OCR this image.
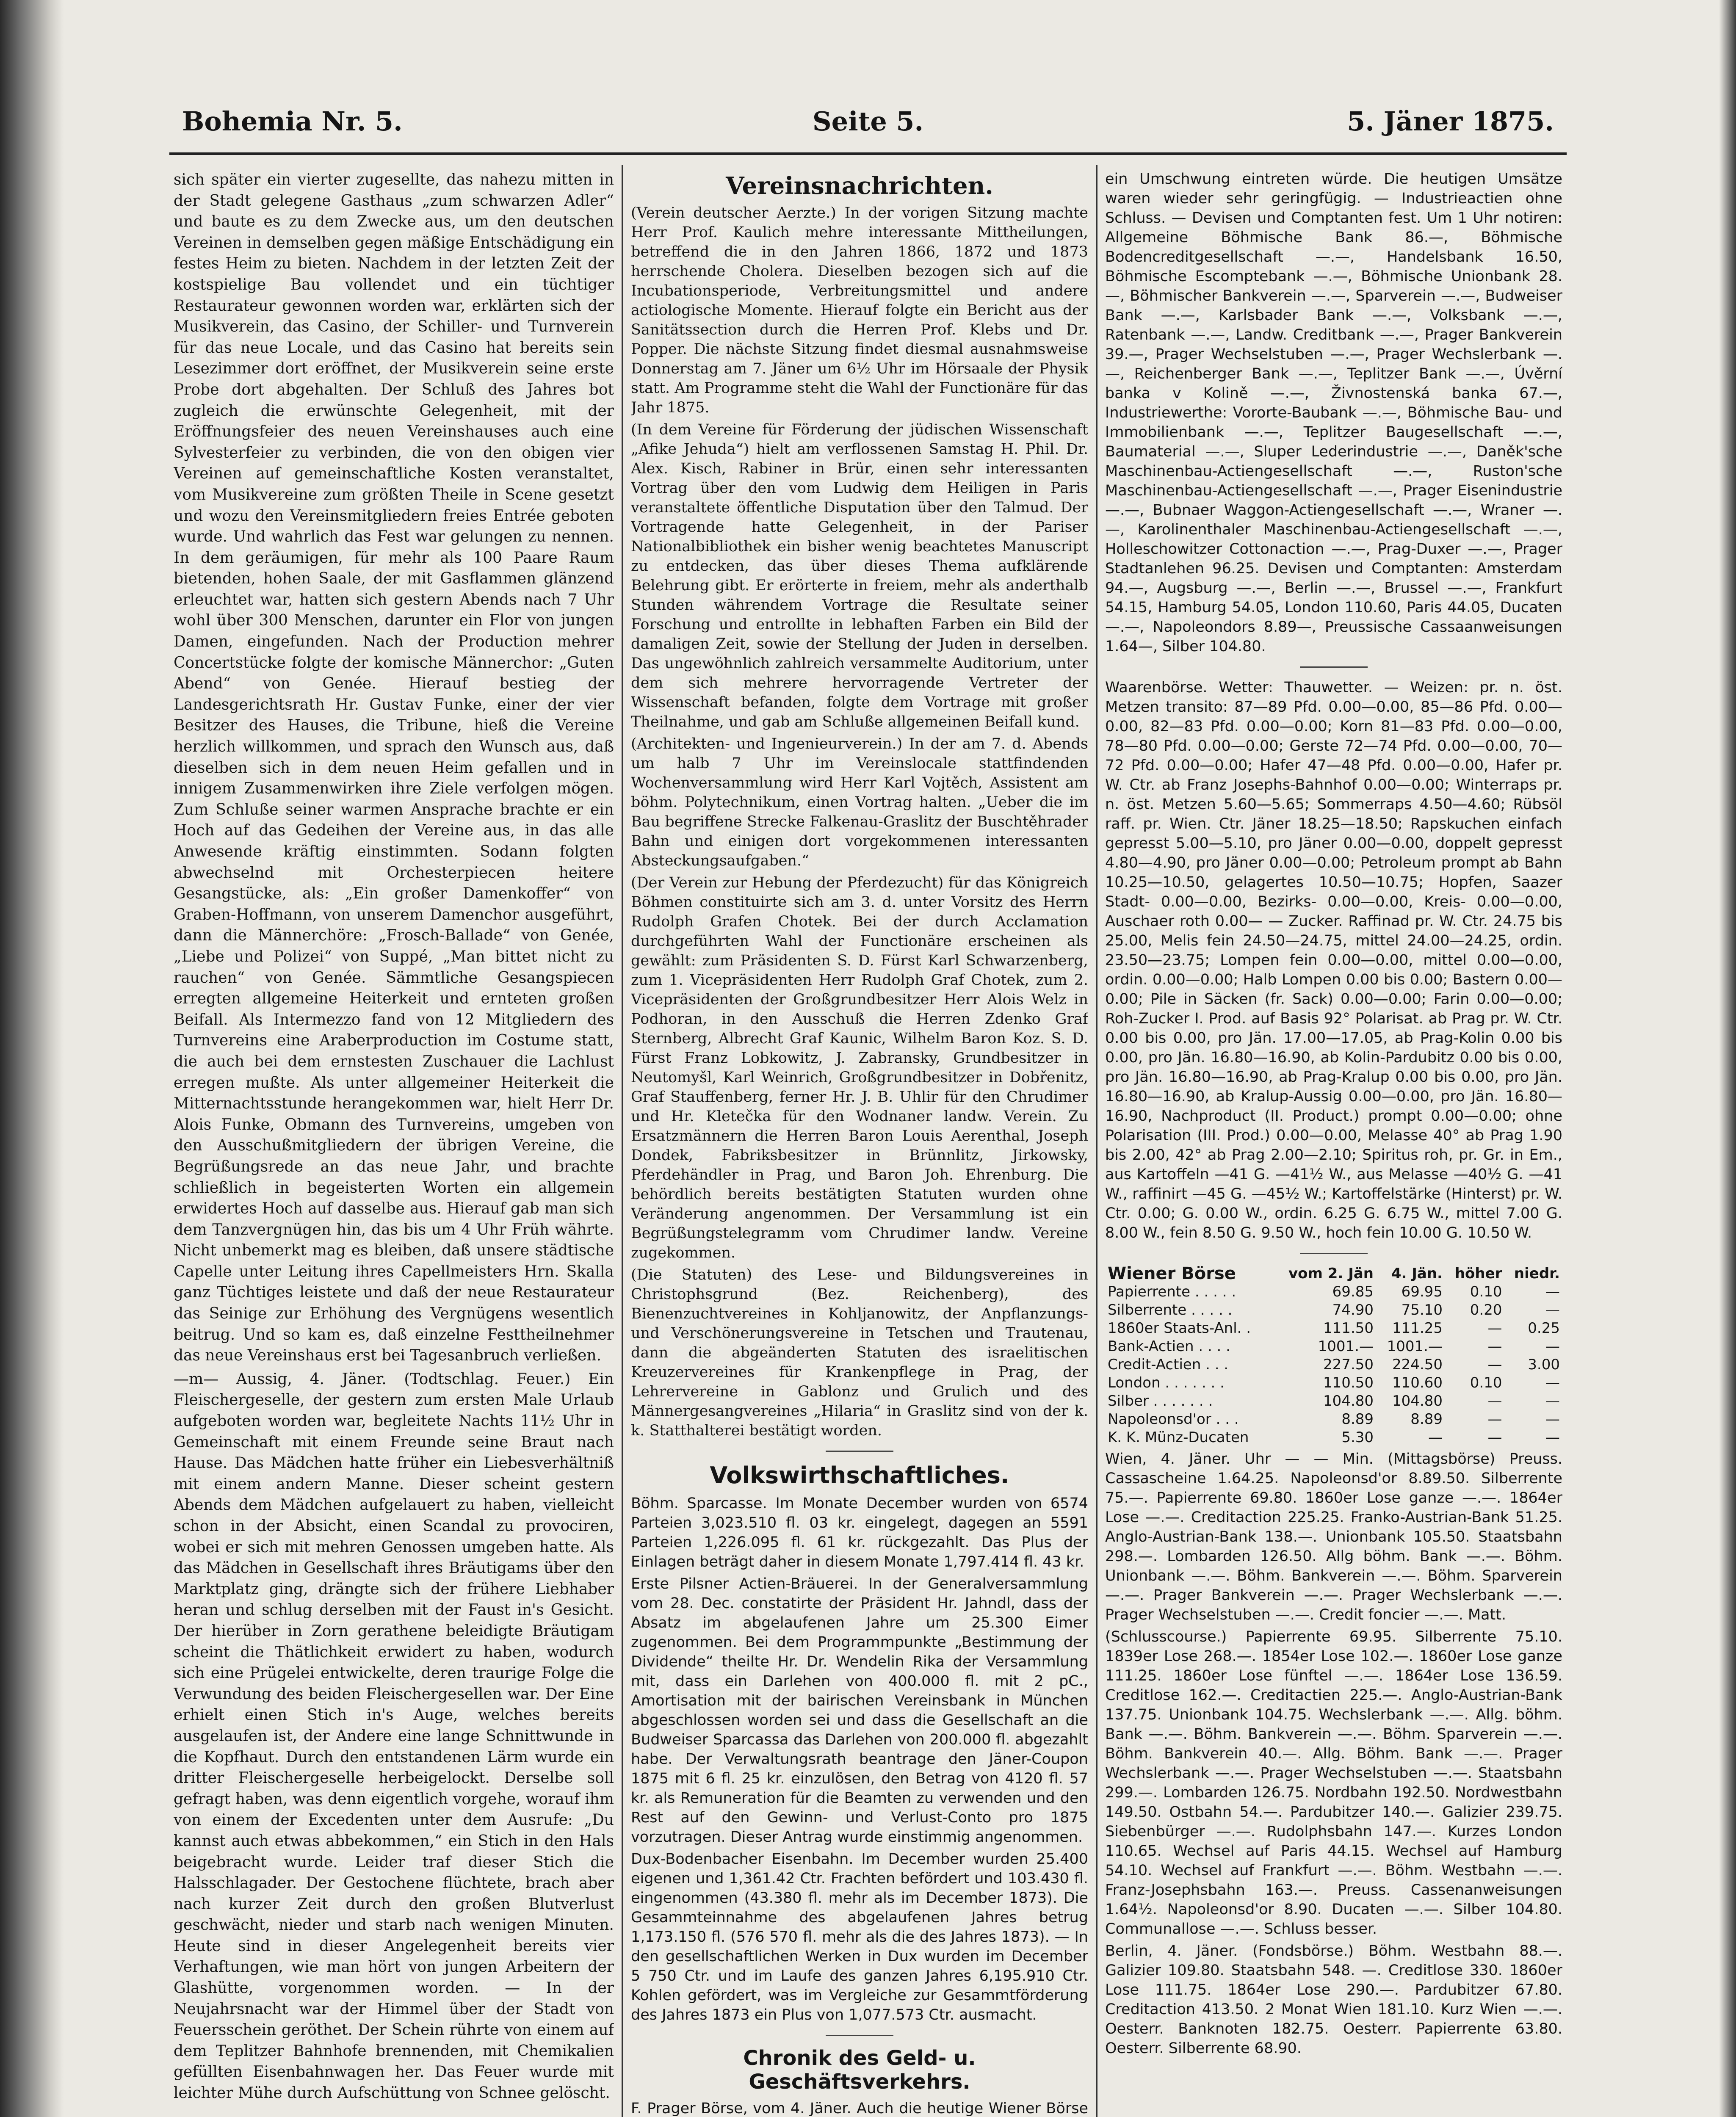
Bohemia Nr. 5.	Seite 5.	5. Jäner 1875.

sich später ein vierter zugesellte, das nahezu mitten in der Stadt gelegene Gasthaus „zum schwarzen Adler“ und baute es zu dem Zwecke aus, um den deutschen Vereinen in demselben gegen mäßige Entschädigung ein festes Heim zu bieten. Nachdem in der letzten Zeit der kostspielige Bau vollendet und ein tüchtiger Restaurateur gewonnen worden war, erklärten sich der Musikverein, das Casino, der Schiller- und Turnverein für das neue Locale, und das Casino hat bereits sein Lesezimmer dort eröffnet, der Musikverein seine erste Probe dort abgehalten. Der Schluß des Jahres bot zugleich die erwünschte Gelegenheit, mit der Eröffnungsfeier des neuen Vereinshauses auch eine Sylvesterfeier zu verbinden, die von den obigen vier Vereinen auf gemeinschaftliche Kosten veranstaltet, vom Musikvereine zum größten Theile in Scene gesetzt und wozu den Vereinsmitgliedern freies Entrée geboten wurde. Und wahrlich das Fest war gelungen zu nennen. In dem geräumigen, für mehr als 100 Paare Raum bietenden, hohen Saale, der mit Gasflammen glänzend erleuchtet war, hatten sich gestern Abends nach 7 Uhr wohl über 300 Menschen, darunter ein Flor von jungen Damen, eingefunden. Nach der Production mehrer Concertstücke folgte der komische Männerchor: „Guten Abend“ von Genée. Hierauf bestieg der Landesgerichtsrath Hr. Gustav Funke, einer der vier Besitzer des Hauses, die Tribune, hieß die Vereine herzlich willkommen, und sprach den Wunsch aus, daß dieselben sich in dem neuen Heim gefallen und in innigem Zusammenwirken ihre Ziele verfolgen mögen. Zum Schluße seiner warmen Ansprache brachte er ein Hoch auf das Gedeihen der Vereine aus, in das alle Anwesende kräftig einstimmten. Sodann folgten abwechselnd mit Orchesterpiecen heitere Gesangstücke, als: „Ein großer Damenkoffer“ von Graben-Hoffmann, von unserem Damenchor ausgeführt, dann die Männerchöre: „Frosch-Ballade“ von Genée, „Liebe und Polizei“ von Suppé, „Man bittet nicht zu rauchen“ von Genée. Sämmtliche Gesangspiecen erregten allgemeine Heiterkeit und ernteten großen Beifall. Als Intermezzo fand von 12 Mitgliedern des Turnvereins eine Araberproduction im Costume statt, die auch bei dem ernstesten Zuschauer die Lachlust erregen mußte. Als unter allgemeiner Heiterkeit die Mitternachtsstunde herangekommen war, hielt Herr Dr. Alois Funke, Obmann des Turnvereins, umgeben von den Ausschußmitgliedern der übrigen Vereine, die Begrüßungsrede an das neue Jahr, und brachte schließlich in begeisterten Worten ein allgemein erwidertes Hoch auf dasselbe aus. Hierauf gab man sich dem Tanzvergnügen hin, das bis um 4 Uhr Früh währte. Nicht unbemerkt mag es bleiben, daß unsere städtische Capelle unter Leitung ihres Capellmeisters Hrn. Skalla ganz Tüchtiges leistete und daß der neue Restaurateur das Seinige zur Erhöhung des Vergnügens wesentlich beitrug. Und so kam es, daß einzelne Festtheilnehmer das neue Vereinshaus erst bei Tagesanbruch verließen.

—m— Aussig, 4. Jäner. (Todtschlag. Feuer.) Ein Fleischergeselle, der gestern zum ersten Male Urlaub aufgeboten worden war, begleitete Nachts 11½ Uhr in Gemeinschaft mit einem Freunde seine Braut nach Hause. Das Mädchen hatte früher ein Liebesverhältniß mit einem andern Manne. Dieser scheint gestern Abends dem Mädchen aufgelauert zu haben, vielleicht schon in der Absicht, einen Scandal zu provociren, wobei er sich mit mehren Genossen umgeben hatte. Als das Mädchen in Gesellschaft ihres Bräutigams über den Marktplatz ging, drängte sich der frühere Liebhaber heran und schlug derselben mit der Faust in's Gesicht. Der hierüber in Zorn gerathene beleidigte Bräutigam scheint die Thätlichkeit erwidert zu haben, wodurch sich eine Prügelei entwickelte, deren traurige Folge die Verwundung des beiden Fleischergesellen war. Der Eine erhielt einen Stich in's Auge, welches bereits ausgelaufen ist, der Andere eine lange Schnittwunde in die Kopfhaut. Durch den entstandenen Lärm wurde ein dritter Fleischergeselle herbeigelockt. Derselbe soll gefragt haben, was denn eigentlich vorgehe, worauf ihm von einem der Excedenten unter dem Ausrufe: „Du kannst auch etwas abbekommen,“ ein Stich in den Hals beigebracht wurde. Leider traf dieser Stich die Halsschlagader. Der Gestochene flüchtete, brach aber nach kurzer Zeit durch den großen Blutverlust geschwächt, nieder und starb nach wenigen Minuten. Heute sind in dieser Angelegenheit bereits vier Verhaftungen, wie man hört von jungen Arbeitern der Glashütte, vorgenommen worden. — In der Neujahrsnacht war der Himmel über der Stadt von Feuersschein geröthet. Der Schein rührte von einem auf dem Teplitzer Bahnhofe brennenden, mit Chemikalien gefüllten Eisenbahnwagen her. Das Feuer wurde mit leichter Mühe durch Aufschüttung von Schnee gelöscht.

Vereinsnachrichten.

(Verein deutscher Aerzte.) In der vorigen Sitzung machte Herr Prof. Kaulich mehre interessante Mittheilungen, betreffend die in den Jahren 1866, 1872 und 1873 herrschende Cholera. Dieselben bezogen sich auf die Incubationsperiode, Verbreitungsmittel und andere actiologische Momente. Hierauf folgte ein Bericht aus der Sanitätssection durch die Herren Prof. Klebs und Dr. Popper. Die nächste Sitzung findet diesmal ausnahmsweise Donnerstag am 7. Jäner um 6½ Uhr im Hörsaale der Physik statt. Am Programme steht die Wahl der Functionäre für das Jahr 1875.

(In dem Vereine für Förderung der jüdischen Wissenschaft „Afike Jehuda“) hielt am verflossenen Samstag H. Phil. Dr. Alex. Kisch, Rabiner in Brür, einen sehr interessanten Vortrag über den vom Ludwig dem Heiligen in Paris veranstaltete öffentliche Disputation über den Talmud. Der Vortragende hatte Gelegenheit, in der Pariser Nationalbibliothek ein bisher wenig beachtetes Manuscript zu entdecken, das über dieses Thema aufklärende Belehrung gibt. Er erörterte in freiem, mehr als anderthalb Stunden währendem Vortrage die Resultate seiner Forschung und entrollte in lebhaften Farben ein Bild der damaligen Zeit, sowie der Stellung der Juden in derselben. Das ungewöhnlich zahlreich versammelte Auditorium, unter dem sich mehrere hervorragende Vertreter der Wissenschaft befanden, folgte dem Vortrage mit großer Theilnahme, und gab am Schluße allgemeinen Beifall kund.

(Architekten- und Ingenieurverein.) In der am 7. d. Abends um halb 7 Uhr im Vereinslocale stattfindenden Wochenversammlung wird Herr Karl Vojtěch, Assistent am böhm. Polytechnikum, einen Vortrag halten. „Ueber die im Bau begriffene Strecke Falkenau-Graslitz der Buschtěhrader Bahn und einigen dort vorgekommenen interessanten Absteckungsaufgaben.“

(Der Verein zur Hebung der Pferdezucht) für das Königreich Böhmen constituirte sich am 3. d. unter Vorsitz des Herrn Rudolph Grafen Chotek. Bei der durch Acclamation durchgeführten Wahl der Functionäre erscheinen als gewählt: zum Präsidenten S. D. Fürst Karl Schwarzenberg, zum 1. Vicepräsidenten Herr Rudolph Graf Chotek, zum 2. Vicepräsidenten der Großgrundbesitzer Herr Alois Welz in Podhoran, in den Ausschuß die Herren Zdenko Graf Sternberg, Albrecht Graf Kaunic, Wilhelm Baron Koz. S. D. Fürst Franz Lobkowitz, J. Zabransky, Grundbesitzer in Neutomyšl, Karl Weinrich, Großgrundbesitzer in Dobřenitz, Graf Stauffenberg, ferner Hr. J. B. Uhlir für den Chrudimer und Hr. Kletečka für den Wodnaner landw. Verein. Zu Ersatzmännern die Herren Baron Louis Aerenthal, Joseph Dondek, Fabriksbesitzer in Brünnlitz, Jirkowsky, Pferdehändler in Prag, und Baron Joh. Ehrenburg. Die behördlich bereits bestätigten Statuten wurden ohne Veränderung angenommen. Der Versammlung ist ein Begrüßungstelegramm vom Chrudimer landw. Vereine zugekommen.

(Die Statuten) des Lese- und Bildungsvereines in Christophsgrund (Bez. Reichenberg), des Bienenzuchtvereines in Kohljanowitz, der Anpflanzungs- und Verschönerungsvereine in Tetschen und Trautenau, dann die abgeänderten Statuten des israelitischen Kreuzervereines für Krankenpflege in Prag, der Lehrervereine in Gablonz und Grulich und des Männergesangvereines „Hilaria“ in Graslitz sind von der k. k. Statthalterei bestätigt worden.

Volkswirthschaftliches.

Böhm. Sparcasse. Im Monate December wurden von 6574 Parteien 3,023.510 fl. 03 kr. eingelegt, dagegen an 5591 Parteien 1,226.095 fl. 61 kr. rückgezahlt. Das Plus der Einlagen beträgt daher in diesem Monate 1,797.414 fl. 43 kr.

Erste Pilsner Actien-Bräuerei. In der Generalversammlung vom 28. Dec. constatirte der Präsident Hr. Jahndl, dass der Absatz im abgelaufenen Jahre um 25.300 Eimer zugenommen. Bei dem Programmpunkte „Bestimmung der Dividende“ theilte Hr. Dr. Wendelin Rika der Versammlung mit, dass ein Darlehen von 400.000 fl. mit 2 pC., Amortisation mit der bairischen Vereinsbank in München abgeschlossen worden sei und dass die Gesellschaft an die Budweiser Sparcassa das Darlehen von 200.000 fl. abgezahlt habe. Der Verwaltungsrath beantrage den Jäner-Coupon 1875 mit 6 fl. 25 kr. einzulösen, den Betrag von 4120 fl. 57 kr. als Remuneration für die Beamten zu verwenden und den Rest auf den Gewinn- und Verlust-Conto pro 1875 vorzutragen. Dieser Antrag wurde einstimmig angenommen.

Dux-Bodenbacher Eisenbahn. Im December wurden 25.400 eigenen und 1,361.42 Ctr. Frachten befördert und 103.430 fl. eingenommen (43.380 fl. mehr als im December 1873). Die Gesammteinnahme des abgelaufenen Jahres betrug 1,173.150 fl. (576 570 fl. mehr als die des Jahres 1873). — In den gesellschaftlichen Werken in Dux wurden im December 5 750 Ctr. und im Laufe des ganzen Jahres 6,195.910 Ctr. Kohlen gefördert, was im Vergleiche zur Gesammtförderung des Jahres 1873 ein Plus von 1,077.573 Ctr. ausmacht.

Chronik des Geld- u. Geschäftsverkehrs.

F. Prager Börse, vom 4. Jäner. Auch die heutige Wiener Börse

ein Umschwung eintreten würde. Die heutigen Umsätze waren wieder sehr geringfügig. — Industrieactien ohne Schluss. — Devisen und Comptanten fest. Um 1 Uhr notiren: Allgemeine Böhmische Bank 86.—, Böhmische Bodencreditgesellschaft —.—, Handelsbank 16.50, Böhmische Escomptebank —.—, Böhmische Unionbank 28.—, Böhmischer Bankverein —.—, Sparverein —.—, Budweiser Bank —.—, Karlsbader Bank —.—, Volksbank —.—, Ratenbank —.—, Landw. Creditbank —.—, Prager Bankverein 39.—, Prager Wechselstuben —.—, Prager Wechslerbank —.—, Reichenberger Bank —.—, Teplitzer Bank —.—, Úvěrní banka v Kolině —.—, Živnostenská banka 67.—, Industriewerthe: Vororte-Baubank —.—, Böhmische Bau- und Immobilienbank —.—, Teplitzer Baugesellschaft —.—, Baumaterial —.—, Sluper Lederindustrie —.—, Daněk'sche Maschinenbau-Actiengesellschaft —.—, Ruston'sche Maschinenbau-Actiengesellschaft —.—, Prager Eisenindustrie —.—, Bubnaer Waggon-Actiengesellschaft —.—, Wraner —.—, Karolinenthaler Maschinenbau-Actiengesellschaft —.—, Holleschowitzer Cottonaction —.—, Prag-Duxer —.—, Prager Stadtanlehen 96.25. Devisen und Comptanten: Amsterdam 94.—, Augsburg —.—, Berlin —.—, Brussel —.—, Frankfurt 54.15, Hamburg 54.05, London 110.60, Paris 44.05, Ducaten —.—, Napoleondors 8.89—, Preussische Cassaanweisungen 1.64—, Silber 104.80.

Waarenbörse. Wetter: Thauwetter. — Weizen: pr. n. öst. Metzen transito: 87—89 Pfd. 0.00—0.00, 85—86 Pfd. 0.00—0.00, 82—83 Pfd. 0.00—0.00; Korn 81—83 Pfd. 0.00—0.00, 78—80 Pfd. 0.00—0.00; Gerste 72—74 Pfd. 0.00—0.00, 70—72 Pfd. 0.00—0.00; Hafer 47—48 Pfd. 0.00—0.00, Hafer pr. W. Ctr. ab Franz Josephs-Bahnhof 0.00—0.00; Winterraps pr. n. öst. Metzen 5.60—5.65; Sommerraps 4.50—4.60; Rübsöl raff. pr. Wien. Ctr. Jäner 18.25—18.50; Rapskuchen einfach gepresst 5.00—5.10, pro Jäner 0.00—0.00, doppelt gepresst 4.80—4.90, pro Jäner 0.00—0.00; Petroleum prompt ab Bahn 10.25—10.50, gelagertes 10.50—10.75; Hopfen, Saazer Stadt- 0.00—0.00, Bezirks- 0.00—0.00, Kreis- 0.00—0.00, Auschaer roth 0.00— — Zucker. Raffinad pr. W. Ctr. 24.75 bis 25.00, Melis fein 24.50—24.75, mittel 24.00—24.25, ordin. 23.50—23.75; Lompen fein 0.00—0.00, mittel 0.00—0.00, ordin. 0.00—0.00; Halb Lompen 0.00 bis 0.00; Bastern 0.00—0.00; Pile in Säcken (fr. Sack) 0.00—0.00; Farin 0.00—0.00; Roh-Zucker I. Prod. auf Basis 92° Polarisat. ab Prag pr. W. Ctr. 0.00 bis 0.00, pro Jän. 17.00—17.05, ab Prag-Kolin 0.00 bis 0.00, pro Jän. 16.80—16.90, ab Kolin-Pardubitz 0.00 bis 0.00, pro Jän. 16.80—16.90, ab Prag-Kralup 0.00 bis 0.00, pro Jän. 16.80—16.90, ab Kralup-Aussig 0.00—0.00, pro Jän. 16.80—16.90, Nachproduct (II. Product.) prompt 0.00—0.00; ohne Polarisation (III. Prod.) 0.00—0.00, Melasse 40° ab Prag 1.90 bis 2.00, 42° ab Prag 2.00—2.10; Spiritus roh, pr. Gr. in Em., aus Kartoffeln —41 G. —41½ W., aus Melasse —40½ G. —41 W., raffinirt —45 G. —45½ W.; Kartoffelstärke (Hinterst) pr. W. Ctr. 0.00; G. 0.00 W., ordin. 6.25 G. 6.75 W., mittel 7.00 G. 8.00 W., fein 8.50 G. 9.50 W., hoch fein 10.00 G. 10.50 W.

Wiener Börse	vom 2. Jän	4. Jän.	höher	niedr.
Papierrente . . . . .	69.85	69.95	0.10	—
Silberrente . . . . .	74.90	75.10	0.20	—
1860er Staats-Anl. .	111.50	111.25	—	0.25
Bank-Actien . . . .	1001.—	1001.—	—	—
Credit-Actien . . .	227.50	224.50	—	3.00
London . . . . . . .	110.50	110.60	0.10	—
Silber . . . . . . .	104.80	104.80	—	—
Napoleonsd'or . . .	8.89	8.89	—	—
K. K. Münz-Ducaten	5.30	—	—	—

Wien, 4. Jäner. Uhr — — Min. (Mittagsbörse) Preuss. Cassascheine 1.64.25. Napoleonsd'or 8.89.50. Silberrente 75.—. Papierrente 69.80. 1860er Lose ganze —.—. 1864er Lose —.—. Creditaction 225.25. Franko-Austrian-Bank 51.25. Anglo-Austrian-Bank 138.—. Unionbank 105.50. Staatsbahn 298.—. Lombarden 126.50. Allg böhm. Bank —.—. Böhm. Unionbank —.—. Böhm. Bankverein —.—. Böhm. Sparverein —.—. Prager Bankverein —.—. Prager Wechslerbank —.—. Prager Wechselstuben —.—. Credit foncier —.—. Matt.

(Schlusscourse.) Papierrente 69.95. Silberrente 75.10. 1839er Lose 268.—. 1854er Lose 102.—. 1860er Lose ganze 111.25. 1860er Lose fünftel —.—. 1864er Lose 136.59. Creditlose 162.—. Creditactien 225.—. Anglo-Austrian-Bank 137.75. Unionbank 104.75. Wechslerbank —.—. Allg. böhm. Bank —.—. Böhm. Bankverein —.—. Böhm. Sparverein —.—. Böhm. Bankverein 40.—. Allg. Böhm. Bank —.—. Prager Wechslerbank —.—. Prager Wechselstuben —.—. Staatsbahn 299.—. Lombarden 126.75. Nordbahn 192.50. Nordwestbahn 149.50. Ostbahn 54.—. Pardubitzer 140.—. Galizier 239.75. Siebenbürger —.—. Rudolphsbahn 147.—. Kurzes London 110.65. Wechsel auf Paris 44.15. Wechsel auf Hamburg 54.10. Wechsel auf Frankfurt —.—. Böhm. Westbahn —.—. Franz-Josephsbahn 163.—. Preuss. Cassenanweisungen 1.64½. Napoleonsd'or 8.90. Ducaten —.—. Silber 104.80. Communallose —.—. Schluss besser.

Berlin, 4. Jäner. (Fondsbörse.) Böhm. Westbahn 88.—. Galizier 109.80. Staatsbahn 548. —. Creditlose 330. 1860er Lose 111.75. 1864er Lose 290.—. Pardubitzer 67.80. Creditaction 413.50. 2 Monat Wien 181.10. Kurz Wien —.—. Oesterr. Banknoten 182.75. Oesterr. Papierrente 63.80. Oesterr. Silberrente 68.90.
